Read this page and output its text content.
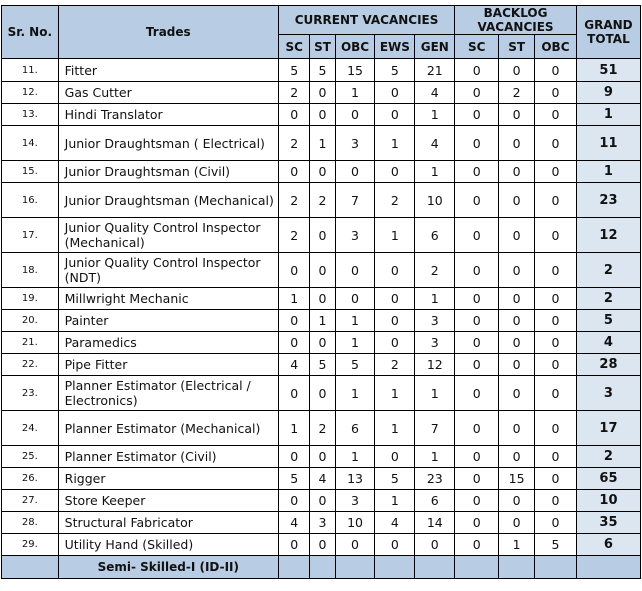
Sr. No.	Trades	CURRENT VACANCIES					BACKLOG VACANCIES			GRAND TOTAL
		SC	ST	OBC	EWS	GEN	SC	ST	OBC	
11.	Fitter	5	5	15	5	21	0	0	0	51
12.	Gas Cutter	2	0	1	0	4	0	2	0	9
13.	Hindi Translator	0	0	0	0	1	0	0	0	1
14.	Junior Draughtsman ( Electrical)	2	1	3	1	4	0	0	0	11
15.	Junior Draughtsman (Civil)	0	0	0	0	1	0	0	0	1
16.	Junior Draughtsman (Mechanical)	2	2	7	2	10	0	0	0	23
17.	Junior Quality Control Inspector (Mechanical)	2	0	3	1	6	0	0	0	12
18.	Junior Quality Control Inspector (NDT)	0	0	0	0	2	0	0	0	2
19.	Millwright Mechanic	1	0	0	0	1	0	0	0	2
20.	Painter	0	1	1	0	3	0	0	0	5
21.	Paramedics	0	0	1	0	3	0	0	0	4
22.	Pipe Fitter	4	5	5	2	12	0	0	0	28
23.	Planner Estimator (Electrical / Electronics)	0	0	1	1	1	0	0	0	3
24.	Planner Estimator (Mechanical)	1	2	6	1	7	0	0	0	17
25.	Planner Estimator (Civil)	0	0	1	0	1	0	0	0	2
26.	Rigger	5	4	13	5	23	0	15	0	65
27.	Store Keeper	0	0	3	1	6	0	0	0	10
28.	Structural Fabricator	4	3	10	4	14	0	0	0	35
29.	Utility Hand (Skilled)	0	0	0	0	0	0	1	5	6
	Semi- Skilled-I (ID-II)									
